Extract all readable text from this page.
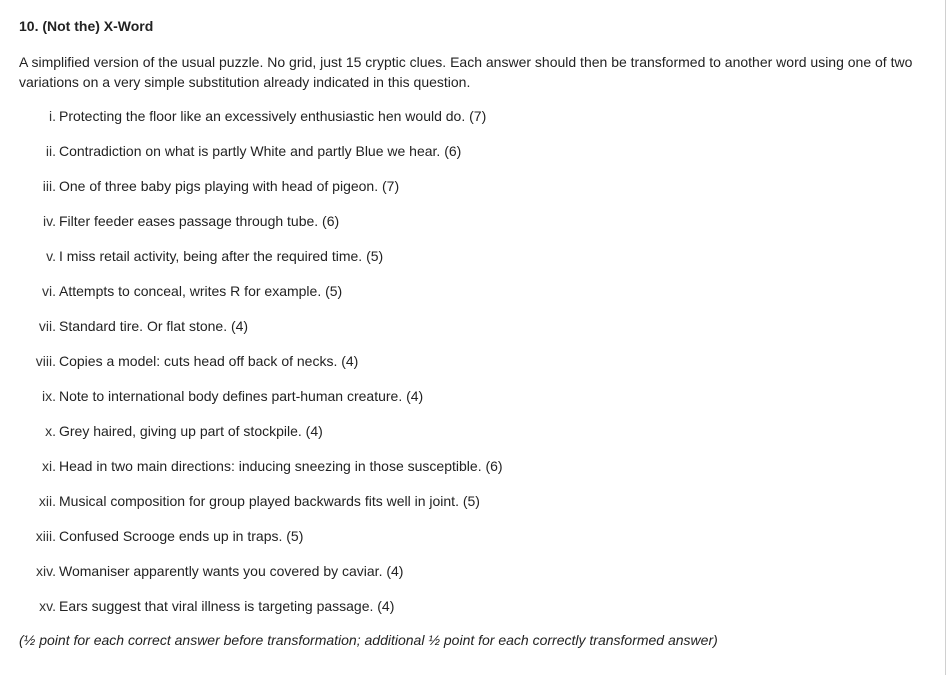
10. (Not the) X-Word
A simplified version of the usual puzzle. No grid, just 15 cryptic clues. Each answer should then be transformed to another word using one of two variations on a very simple substitution already indicated in this question.
i. Protecting the floor like an excessively enthusiastic hen would do. (7)
ii. Contradiction on what is partly White and partly Blue we hear. (6)
iii. One of three baby pigs playing with head of pigeon. (7)
iv. Filter feeder eases passage through tube. (6)
v. I miss retail activity, being after the required time. (5)
vi. Attempts to conceal, writes R for example. (5)
vii. Standard tire. Or flat stone. (4)
viii. Copies a model: cuts head off back of necks. (4)
ix. Note to international body defines part-human creature. (4)
x. Grey haired, giving up part of stockpile. (4)
xi. Head in two main directions: inducing sneezing in those susceptible. (6)
xii. Musical composition for group played backwards fits well in joint. (5)
xiii. Confused Scrooge ends up in traps. (5)
xiv. Womaniser apparently wants you covered by caviar. (4)
xv. Ears suggest that viral illness is targeting passage. (4)
(½ point for each correct answer before transformation; additional ½ point for each correctly transformed answer)
